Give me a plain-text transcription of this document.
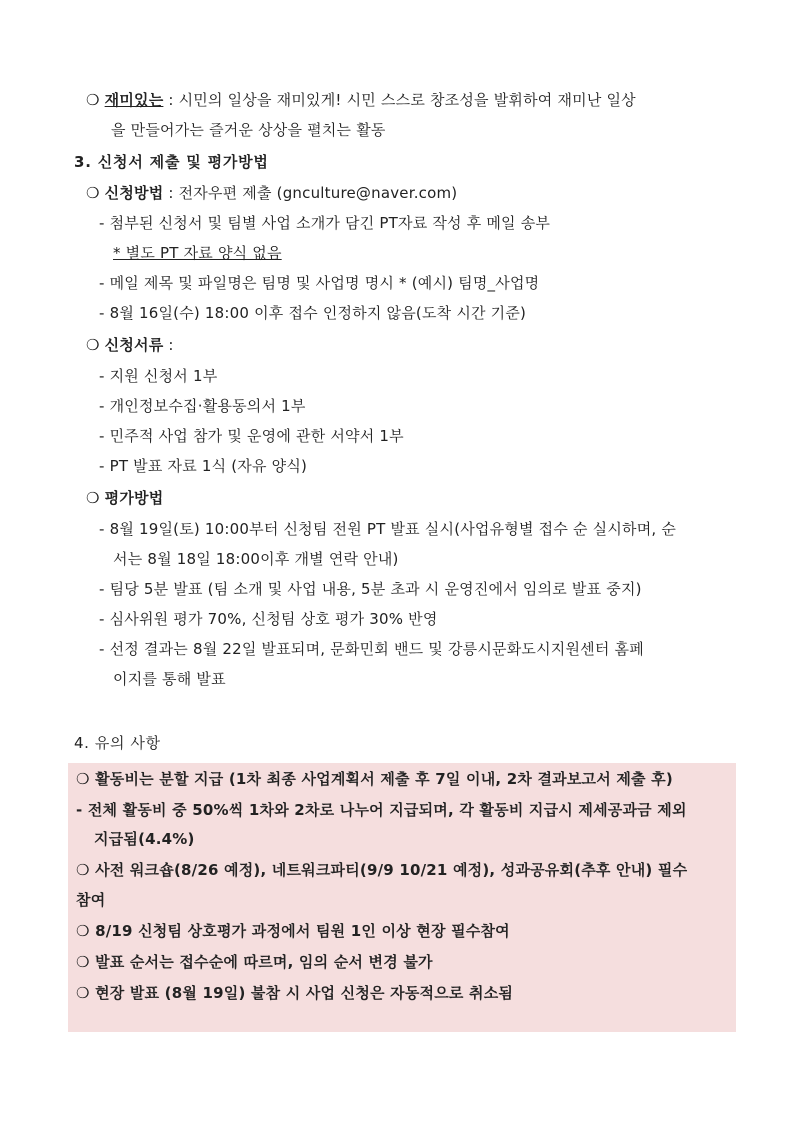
❍ 재미있는 : 시민의 일상을 재미있게! 시민 스스로 창조성을 발휘하여 재미난 일상
을 만들어가는 즐거운 상상을 펼치는 활동
3. 신청서 제출 및 평가방법
❍ 신청방법 : 전자우편 제출 (gnculture@naver.com)
- 첨부된 신청서 및 팀별 사업 소개가 담긴 PT자료 작성 후 메일 송부
* 별도 PT 자료 양식 없음
- 메일 제목 및 파일명은 팀명 및 사업명 명시 * (예시) 팀명_사업명
- 8월 16일(수) 18:00 이후 접수 인정하지 않음(도착 시간 기준)
❍ 신청서류 :
- 지원 신청서 1부
- 개인정보수집·활용동의서 1부
- 민주적 사업 참가 및 운영에 관한 서약서 1부
- PT 발표 자료 1식 (자유 양식)
❍ 평가방법
- 8월 19일(토) 10:00부터 신청팀 전원 PT 발표 실시(사업유형별 접수 순 실시하며, 순
서는 8월 18일 18:00이후 개별 연락 안내)
- 팀당 5분 발표 (팀 소개 및 사업 내용, 5분 초과 시 운영진에서 임의로 발표 중지)
- 심사위원 평가 70%, 신청팀 상호 평가 30% 반영
- 선정 결과는 8월 22일 발표되며, 문화민회 밴드 및 강릉시문화도시지원센터 홈페
이지를 통해 발표
4. 유의 사항
❍ 활동비는 분할 지급 (1차 최종 사업계획서 제출 후 7일 이내, 2차 결과보고서 제출 후)
- 전체 활동비 중 50%씩 1차와 2차로 나누어 지급되며, 각 활동비 지급시 제세공과금 제외
지급됨(4.4%)
❍ 사전 워크숍(8/26 예정), 네트워크파티(9/9 10/21 예정), 성과공유회(추후 안내) 필수
참여
❍ 8/19 신청팀 상호평가 과정에서 팀원 1인 이상 현장 필수참여
❍ 발표 순서는 접수순에 따르며, 임의 순서 변경 불가
❍ 현장 발표 (8월 19일) 불참 시 사업 신청은 자동적으로 취소됨
